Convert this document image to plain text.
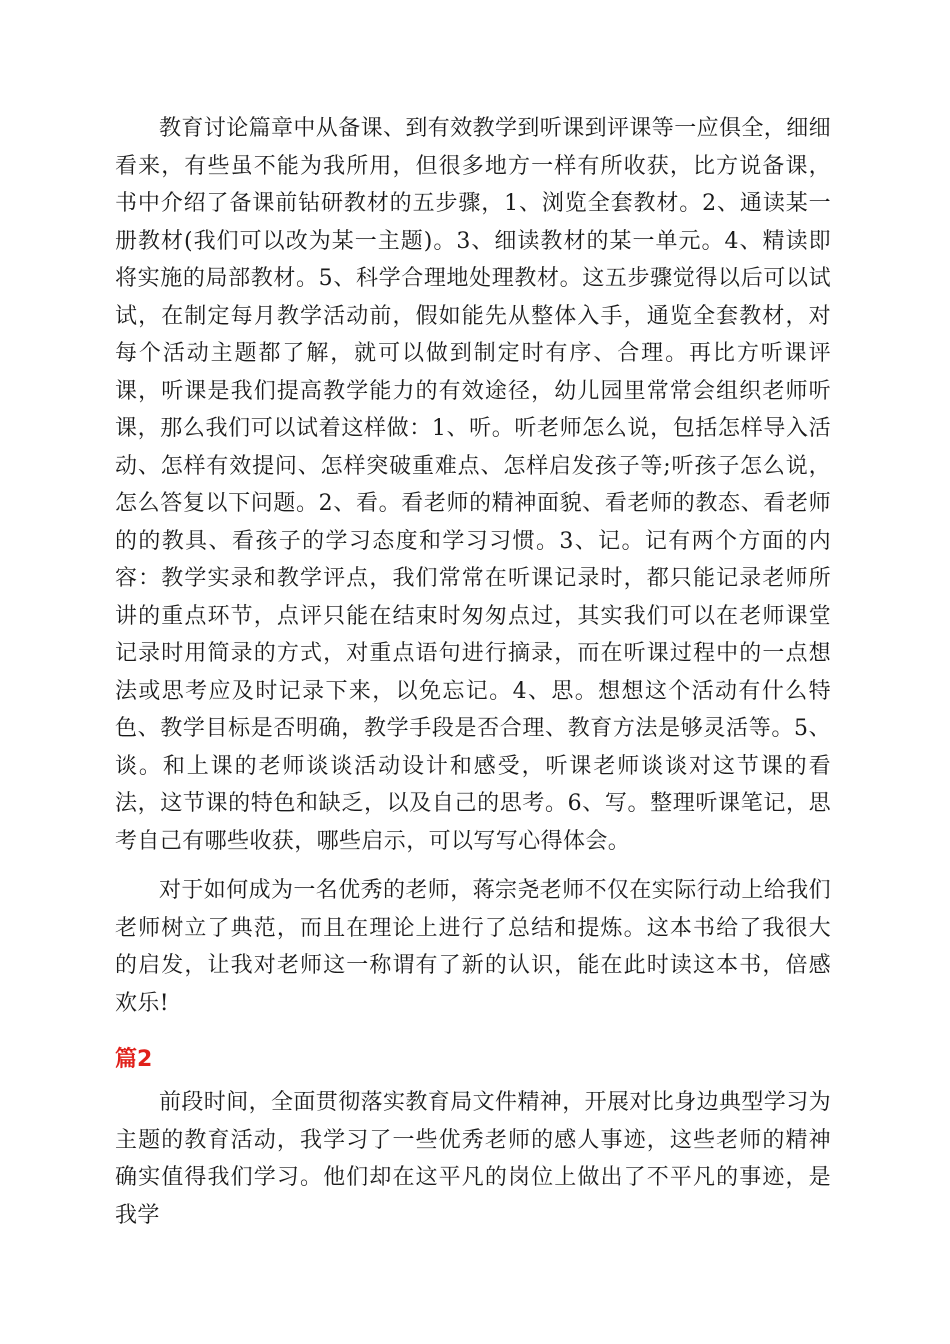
教育讨论篇章中从备课、到有效教学到听课到评课等一应俱全，细细看来，有些虽不能为我所用，但很多地方一样有所收获，比方说备课，书中介绍了备课前钻研教材的五步骤，1、浏览全套教材。2、通读某一册教材(我们可以改为某一主题)。3、细读教材的某一单元。4、精读即将实施的局部教材。5、科学合理地处理教材。这五步骤觉得以后可以试试，在制定每月教学活动前，假如能先从整体入手，通览全套教材，对每个活动主题都了解，就可以做到制定时有序、合理。再比方听课评课，听课是我们提高教学能力的有效途径，幼儿园里常常会组织老师听课，那么我们可以试着这样做：1、听。听老师怎么说，包括怎样导入活动、怎样有效提问、怎样突破重难点、怎样启发孩子等;听孩子怎么说，怎么答复以下问题。2、看。看老师的精神面貌、看老师的教态、看老师的的教具、看孩子的学习态度和学习习惯。3、记。记有两个方面的内容：教学实录和教学评点，我们常常在听课记录时，都只能记录老师所讲的重点环节，点评只能在结束时匆匆点过，其实我们可以在老师课堂记录时用简录的方式，对重点语句进行摘录，而在听课过程中的一点想法或思考应及时记录下来，以免忘记。4、思。想想这个活动有什么特色、教学目标是否明确，教学手段是否合理、教育方法是够灵活等。5、谈。和上课的老师谈谈活动设计和感受，听课老师谈谈对这节课的看法，这节课的特色和缺乏，以及自己的思考。6、写。整理听课笔记，思考自己有哪些收获，哪些启示，可以写写心得体会。

对于如何成为一名优秀的老师，蒋宗尧老师不仅在实际行动上给我们老师树立了典范，而且在理论上进行了总结和提炼。这本书给了我很大的启发，让我对老师这一称谓有了新的认识，能在此时读这本书，倍感欢乐!

篇2

前段时间，全面贯彻落实教育局文件精神，开展对比身边典型学习为主题的教育活动，我学习了一些优秀老师的感人事迹，这些老师的精神确实值得我们学习。他们却在这平凡的岗位上做出了不平凡的事迹，是我学
